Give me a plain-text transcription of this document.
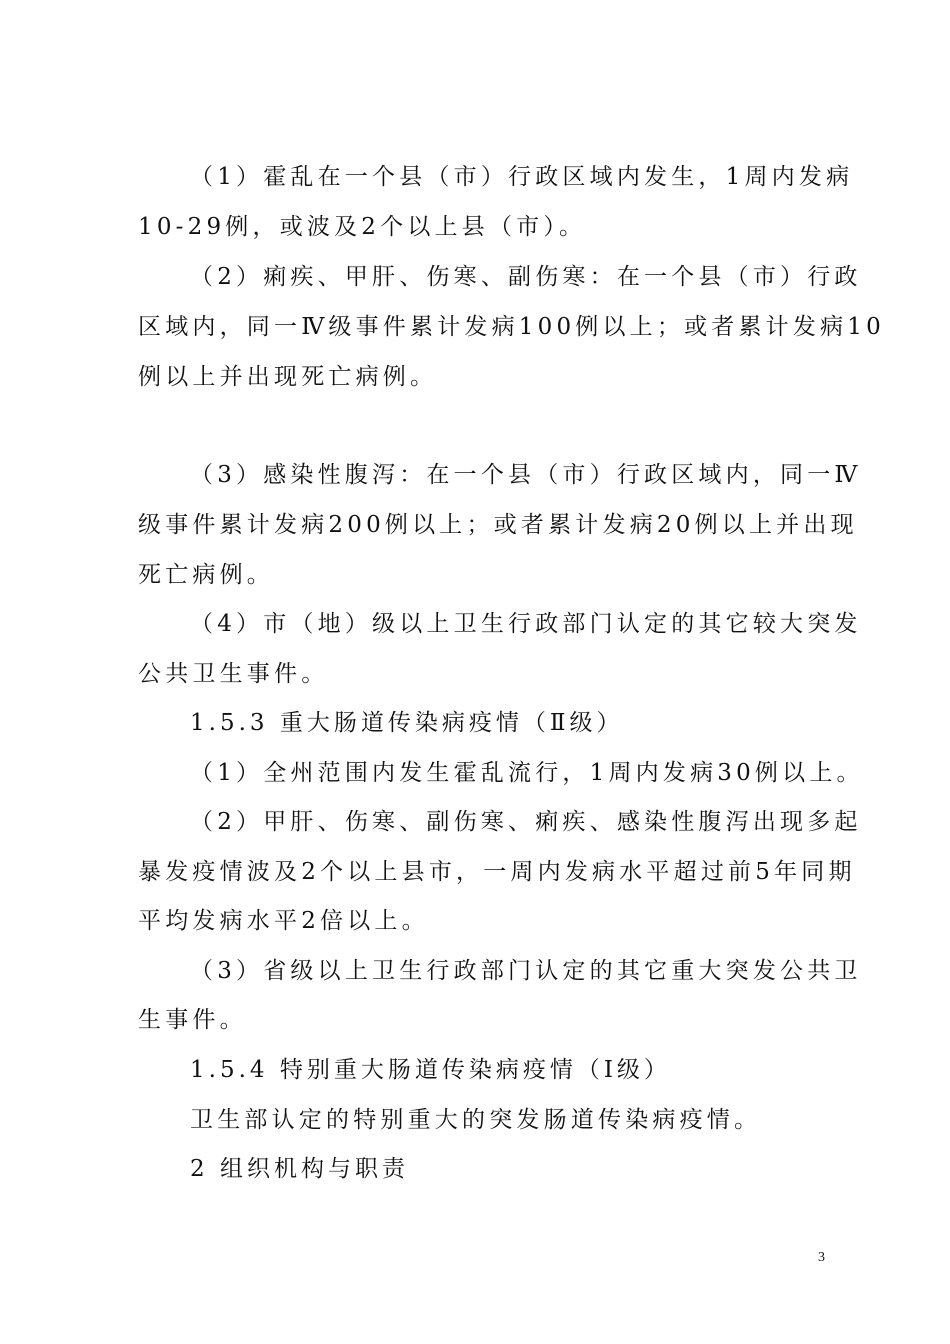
（1）霍乱在一个县（市）行政区域内发生，1周内发病
10-29例，或波及2个以上县（市）。
（2）痢疾、甲肝、伤寒、副伤寒：在一个县（市）行政
区域内，同一Ⅳ级事件累计发病100例以上；或者累计发病10
例以上并出现死亡病例。
（3）感染性腹泻：在一个县（市）行政区域内，同一Ⅳ
级事件累计发病200例以上；或者累计发病20例以上并出现
死亡病例。
（4）市（地）级以上卫生行政部门认定的其它较大突发
公共卫生事件。
1.5.3 重大肠道传染病疫情（Ⅱ级）
（1）全州范围内发生霍乱流行，1周内发病30例以上。
（2）甲肝、伤寒、副伤寒、痢疾、感染性腹泻出现多起
暴发疫情波及2个以上县市，一周内发病水平超过前5年同期
平均发病水平2倍以上。
（3）省级以上卫生行政部门认定的其它重大突发公共卫
生事件。
1.5.4 特别重大肠道传染病疫情（Ⅰ级）
卫生部认定的特别重大的突发肠道传染病疫情。
2 组织机构与职责
3
